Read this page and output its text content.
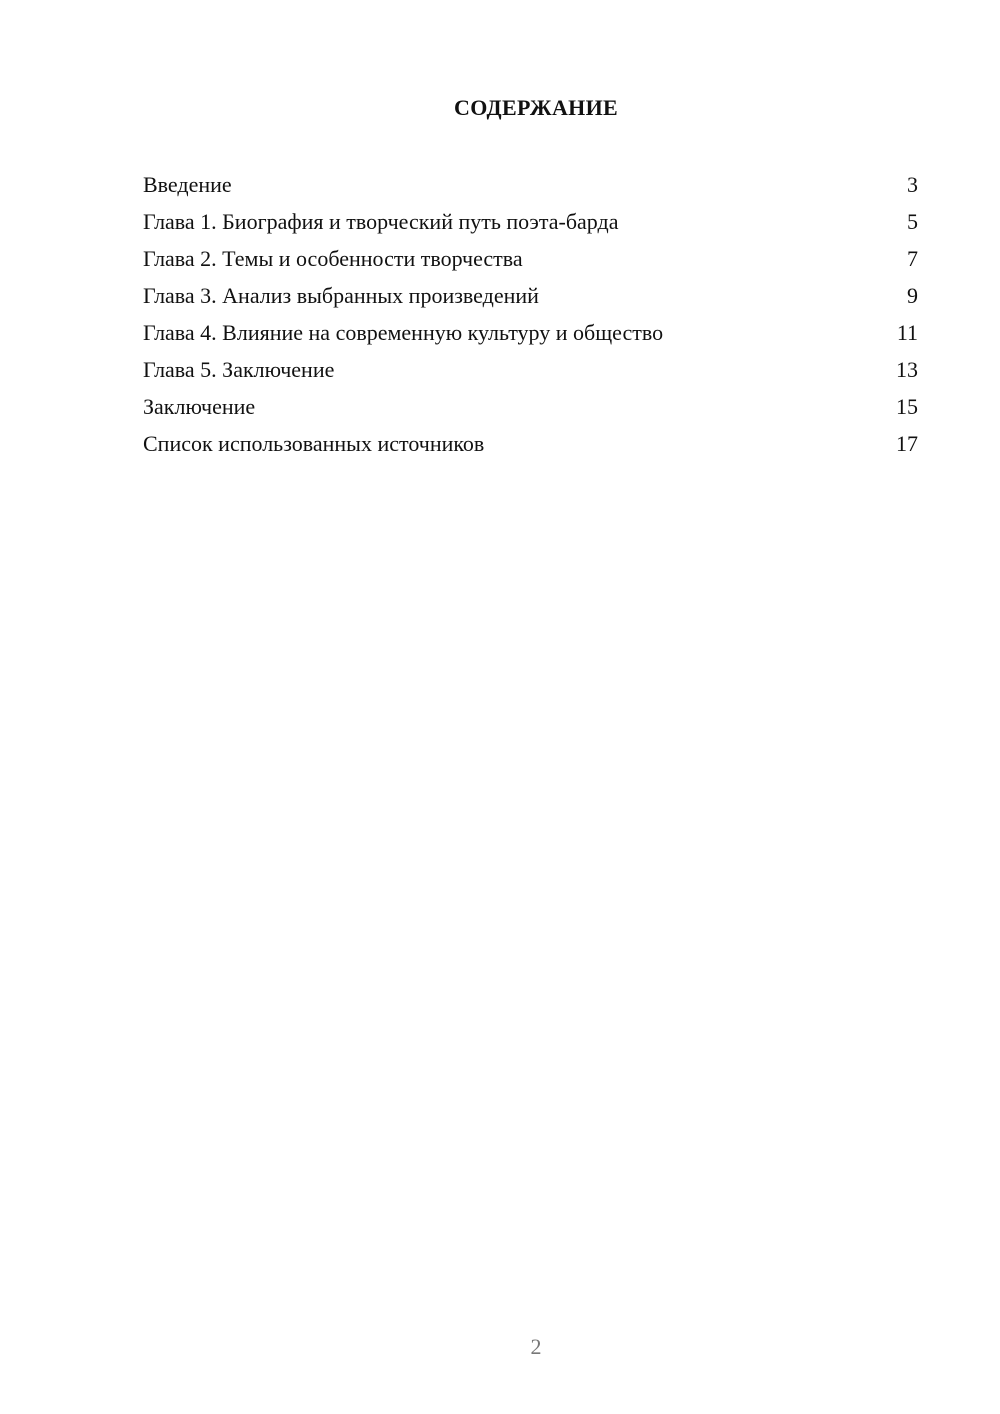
СОДЕРЖАНИЕ
Введение	3
Глава 1. Биография и творческий путь поэта-барда	5
Глава 2. Темы и особенности творчества	7
Глава 3. Анализ выбранных произведений	9
Глава 4. Влияние на современную культуру и общество	11
Глава 5. Заключение	13
Заключение	15
Список использованных источников	17
2
